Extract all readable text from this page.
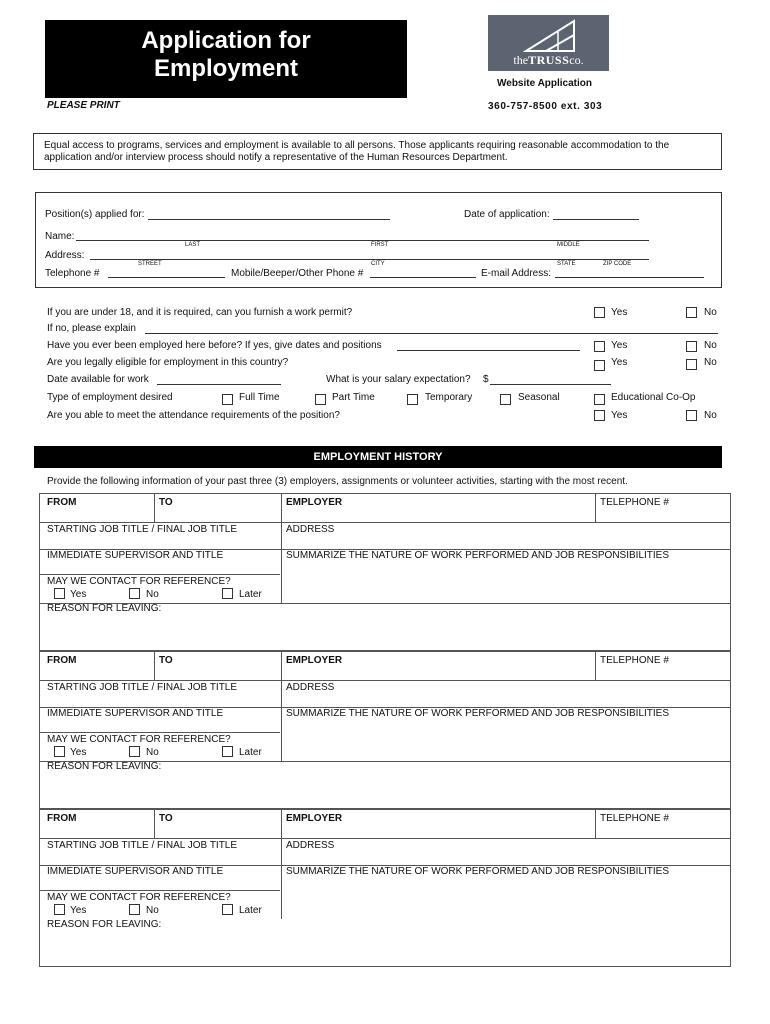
Application for
Employment
PLEASE PRINT
theTRUSSco.
Website Application
360-757-8500 ext. 303
Equal access to programs, services and employment is available to all persons. Those applicants requiring reasonable accommodation to the application and/or interview process should notify a representative of the Human Resources Department.
Position(s) applied for:	Date of application:
Name:
LAST	FIRST	MIDDLE
Address:
STREET	CITY	STATE	ZIP CODE
Telephone #	Mobile/Beeper/Other Phone #	E-mail Address:
If you are under 18, and it is required, can you furnish a work permit?	Yes	No
If no, please explain
Have you ever been employed here before? If yes, give dates and positions	Yes	No
Are you legally eligible for employment in this country?	Yes	No
Date available for work	What is your salary expectation? $
Type of employment desired	Full Time	Part Time	Temporary	Seasonal	Educational Co-Op
Are you able to meet the attendance requirements of the position?	Yes	No
EMPLOYMENT HISTORY
Provide the following information of your past three (3) employers, assignments or volunteer activities, starting with the most recent.
FROM	TO	EMPLOYER	TELEPHONE #
STARTING JOB TITLE / FINAL JOB TITLE	ADDRESS
IMMEDIATE SUPERVISOR AND TITLE	SUMMARIZE THE NATURE OF WORK PERFORMED AND JOB RESPONSIBILITIES
MAY WE CONTACT FOR REFERENCE?
Yes	No	Later
REASON FOR LEAVING:
FROM	TO	EMPLOYER	TELEPHONE #
STARTING JOB TITLE / FINAL JOB TITLE	ADDRESS
IMMEDIATE SUPERVISOR AND TITLE	SUMMARIZE THE NATURE OF WORK PERFORMED AND JOB RESPONSIBILITIES
MAY WE CONTACT FOR REFERENCE?
Yes	No	Later
REASON FOR LEAVING:
FROM	TO	EMPLOYER	TELEPHONE #
STARTING JOB TITLE / FINAL JOB TITLE	ADDRESS
IMMEDIATE SUPERVISOR AND TITLE	SUMMARIZE THE NATURE OF WORK PERFORMED AND JOB RESPONSIBILITIES
MAY WE CONTACT FOR REFERENCE?
Yes	No	Later
REASON FOR LEAVING:
